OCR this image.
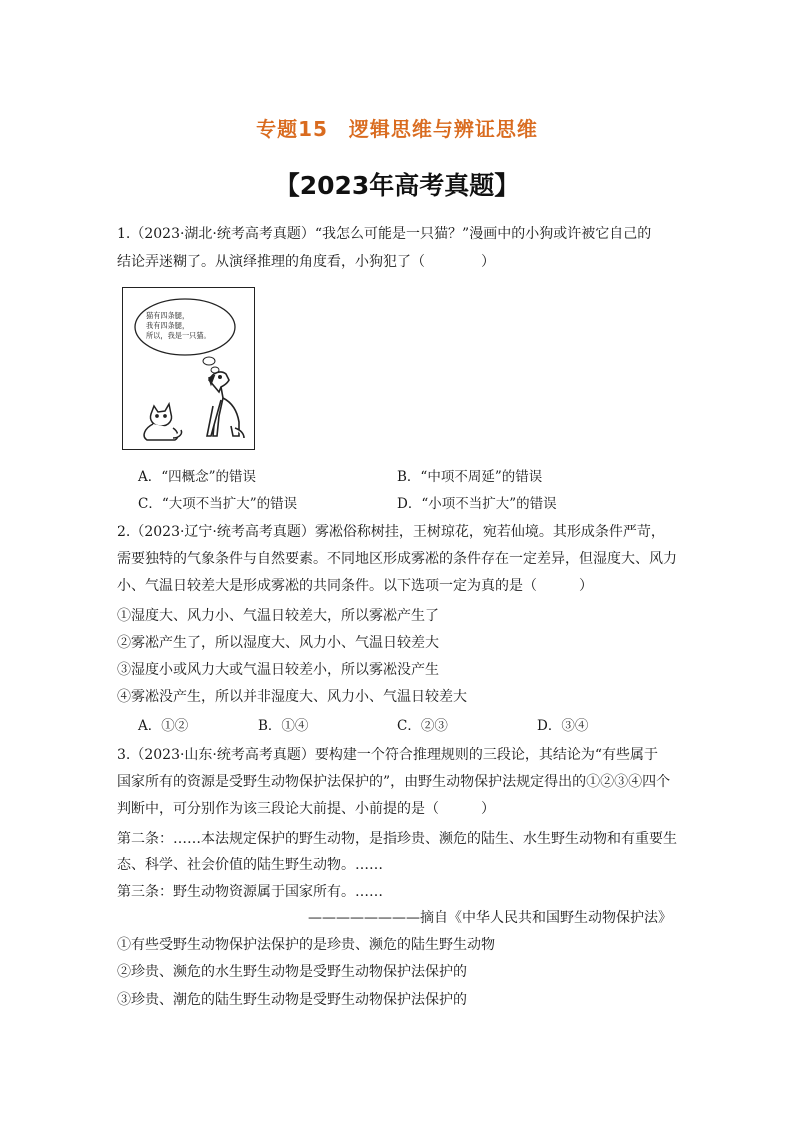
专题15　逻辑思维与辨证思维
【2023年高考真题】
1.（2023·湖北·统考高考真题）“我怎么可能是一只猫？”漫画中的小狗或许被它自己的
结论弄迷糊了。从演绎推理的角度看，小狗犯了（　　　　）
猫有四条腿，
我有四条腿，
所以，我是一只猫。
A．“四概念”的错误	B．“中项不周延”的错误
C．“大项不当扩大”的错误	D．“小项不当扩大”的错误
2.（2023·辽宁·统考高考真题）雾凇俗称树挂，王树琼花，宛若仙境。其形成条件严苛，
需要独特的气象条件与自然要素。不同地区形成雾凇的条件存在一定差异，但湿度大、风力
小、气温日较差大是形成雾凇的共同条件。以下选项一定为真的是（　　　）
①湿度大、风力小、气温日较差大，所以雾凇产生了
②雾凇产生了，所以湿度大、风力小、气温日较差大
③湿度小或风力大或气温日较差小，所以雾凇没产生
④雾凇没产生，所以并非湿度大、风力小、气温日较差大
A．①②	B．①④	C．②③	D．③④
3.（2023·山东·统考高考真题）要构建一个符合推理规则的三段论，其结论为“有些属于
国家所有的资源是受野生动物保护法保护的”，由野生动物保护法规定得出的①②③④四个
判断中，可分别作为该三段论大前提、小前提的是（　　　）
第二条：……本法规定保护的野生动物，是指珍贵、濒危的陆生、水生野生动物和有重要生
态、科学、社会价值的陆生野生动物。……
第三条：野生动物资源属于国家所有。……
————————摘自《中华人民共和国野生动物保护法》
①有些受野生动物保护法保护的是珍贵、濒危的陆生野生动物
②珍贵、濒危的水生野生动物是受野生动物保护法保护的
③珍贵、潮危的陆生野生动物是受野生动物保护法保护的
